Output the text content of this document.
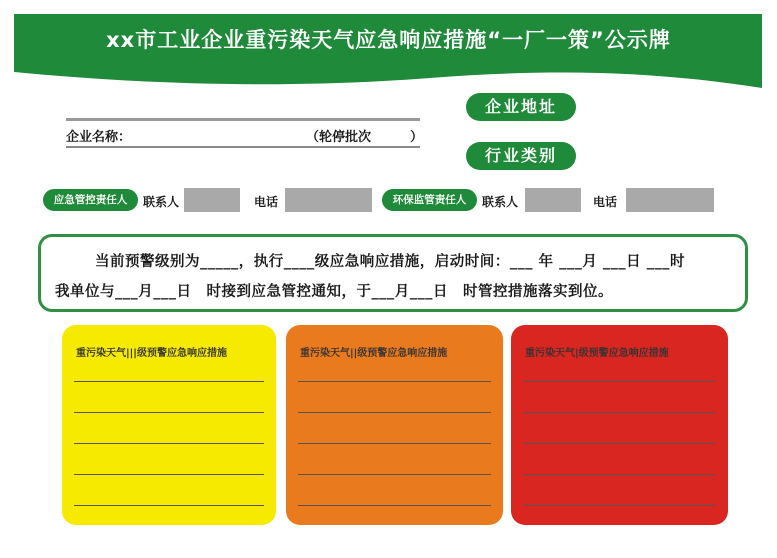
xx市工业企业重污染天气应急响应措施“一厂一策”公示牌
企业名称：	（轮停批次　　　）
企业地址
行业类别
应急管控责任人	联系人	电话	环保监管责任人	联系人	电话
当前预警级别为_____，执行____级应急响应措施，启动时间：___ 年 ___月 ___日 ___时
我单位与___月___日　时接到应急管控通知，于___月___日　时管控措施落实到位。
重污染天气|||级预警应急响应措施	重污染天气||级预警应急响应措施	重污染天气|级预警应急响应措施
